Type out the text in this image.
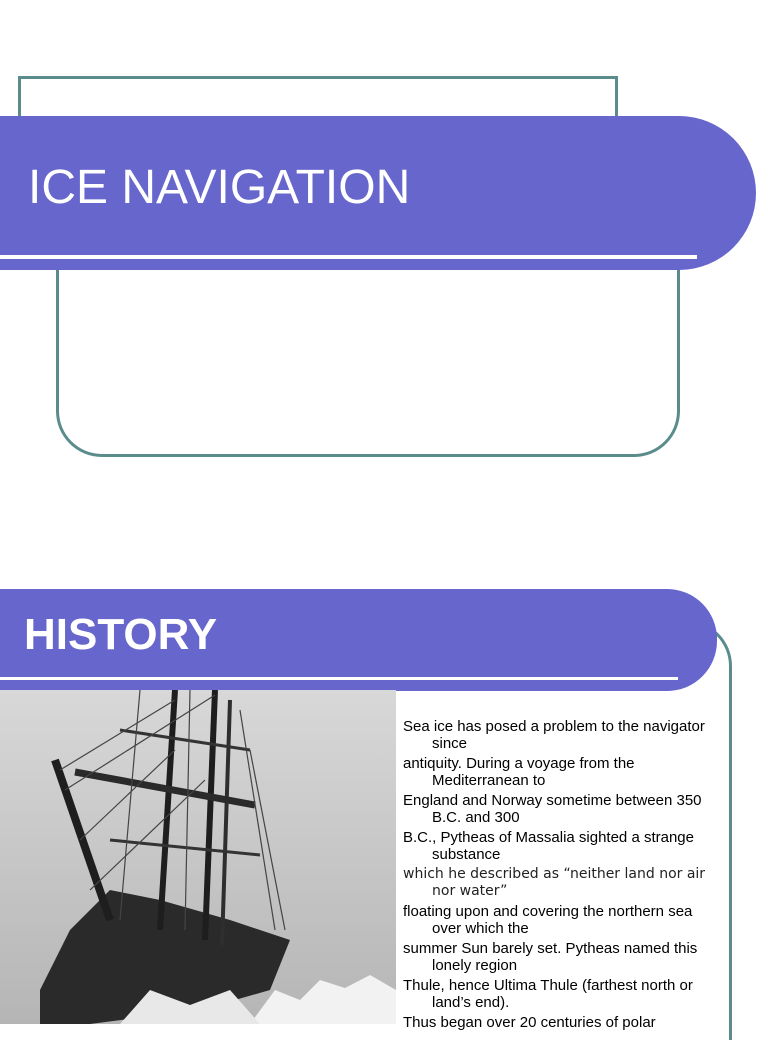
ICE NAVIGATION
HISTORY

Sea ice has posed a problem to the navigator since

antiquity. During a voyage from the Mediterranean to

England and Norway sometime between 350 B.C. and 300

B.C., Pytheas of Massalia sighted a strange substance

which he described as “neither land nor air nor water”

floating upon and covering the northern sea over which the

summer Sun barely set. Pytheas named this lonely region

Thule, hence Ultima Thule (farthest north or land’s end).

Thus began over 20 centuries of polar
